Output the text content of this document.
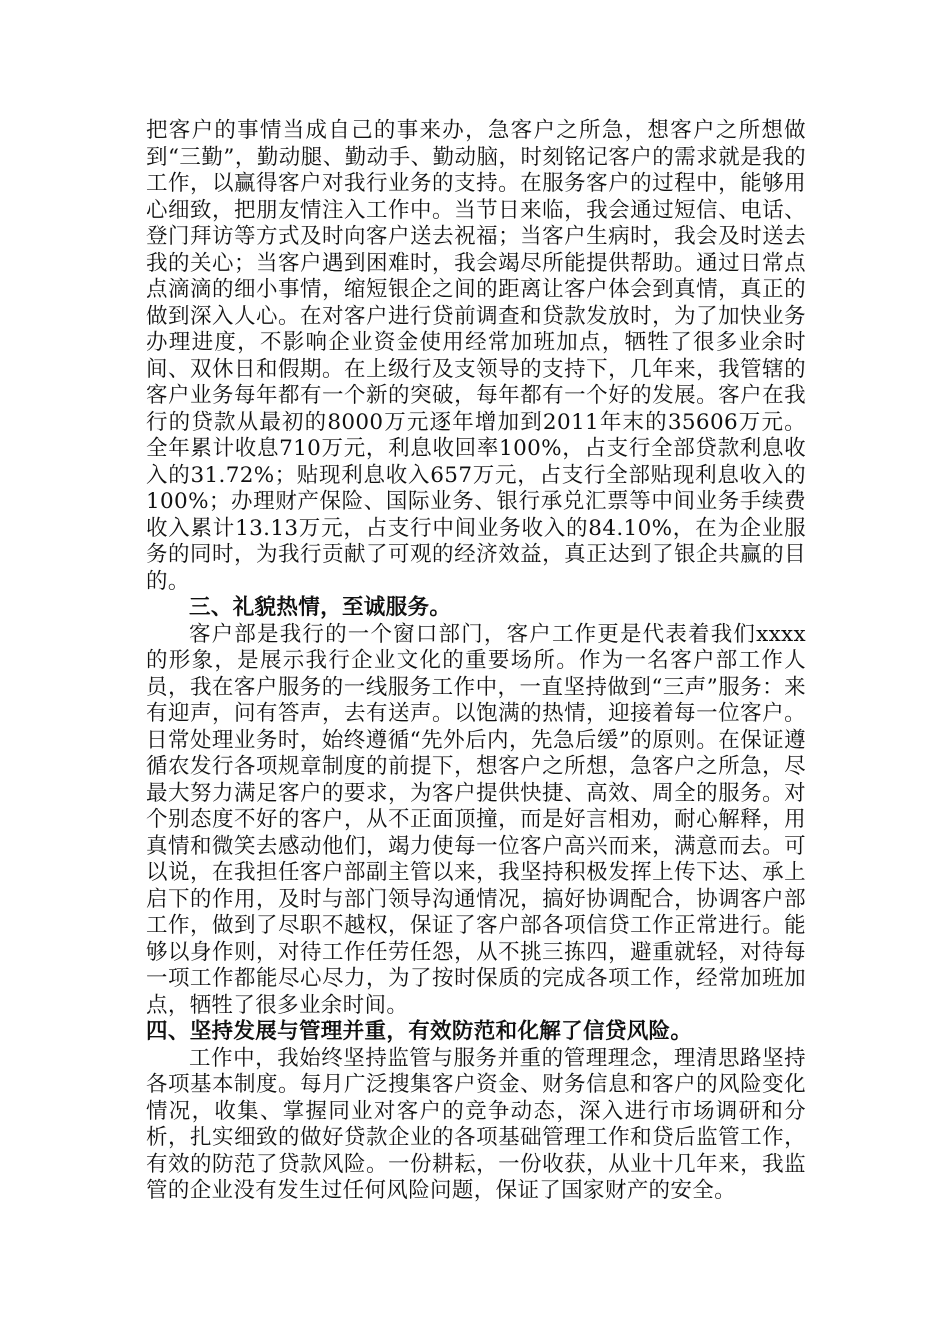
把客户的事情当成自己的事来办，急客户之所急，想客户之所想做到“三勤”，勤动腿、勤动手、勤动脑，时刻铭记客户的需求就是我的工作，以赢得客户对我行业务的支持。在服务客户的过程中，能够用心细致，把朋友情注入工作中。当节日来临，我会通过短信、电话、登门拜访等方式及时向客户送去祝福；当客户生病时，我会及时送去我的关心；当客户遇到困难时，我会竭尽所能提供帮助。通过日常点点滴滴的细小事情，缩短银企之间的距离让客户体会到真情，真正的做到深入人心。在对客户进行贷前调查和贷款发放时，为了加快业务办理进度，不影响企业资金使用经常加班加点，牺牲了很多业余时间、双休日和假期。在上级行及支领导的支持下，几年来，我管辖的客户业务每年都有一个新的突破，每年都有一个好的发展。客户在我行的贷款从最初的8000万元逐年增加到2011年末的35606万元。全年累计收息710万元，利息收回率100%，占支行全部贷款利息收入的31.72%；贴现利息收入657万元，占支行全部贴现利息收入的100%；办理财产保险、国际业务、银行承兑汇票等中间业务手续费收入累计13.13万元，占支行中间业务收入的84.10%，在为企业服务的同时，为我行贡献了可观的经济效益，真正达到了银企共赢的目的。

三、礼貌热情，至诚服务。

客户部是我行的一个窗口部门，客户工作更是代表着我们xxxx的形象，是展示我行企业文化的重要场所。作为一名客户部工作人员，我在客户服务的一线服务工作中，一直坚持做到“三声”服务：来有迎声，问有答声，去有送声。以饱满的热情，迎接着每一位客户。日常处理业务时，始终遵循“先外后内，先急后缓”的原则。在保证遵循农发行各项规章制度的前提下，想客户之所想，急客户之所急，尽最大努力满足客户的要求，为客户提供快捷、高效、周全的服务。对个别态度不好的客户，从不正面顶撞，而是好言相劝，耐心解释，用真情和微笑去感动他们，竭力使每一位客户高兴而来，满意而去。可以说，在我担任客户部副主管以来，我坚持积极发挥上传下达、承上启下的作用，及时与部门领导沟通情况，搞好协调配合，协调客户部工作，做到了尽职不越权，保证了客户部各项信贷工作正常进行。能够以身作则，对待工作任劳任怨，从不挑三拣四，避重就轻，对待每一项工作都能尽心尽力，为了按时保质的完成各项工作，经常加班加点，牺牲了很多业余时间。

四、坚持发展与管理并重，有效防范和化解了信贷风险。

工作中，我始终坚持监管与服务并重的管理理念，理清思路坚持各项基本制度。每月广泛搜集客户资金、财务信息和客户的风险变化情况，收集、掌握同业对客户的竞争动态，深入进行市场调研和分析，扎实细致的做好贷款企业的各项基础管理工作和贷后监管工作，有效的防范了贷款风险。一份耕耘，一份收获，从业十几年来，我监管的企业没有发生过任何风险问题，保证了国家财产的安全。
